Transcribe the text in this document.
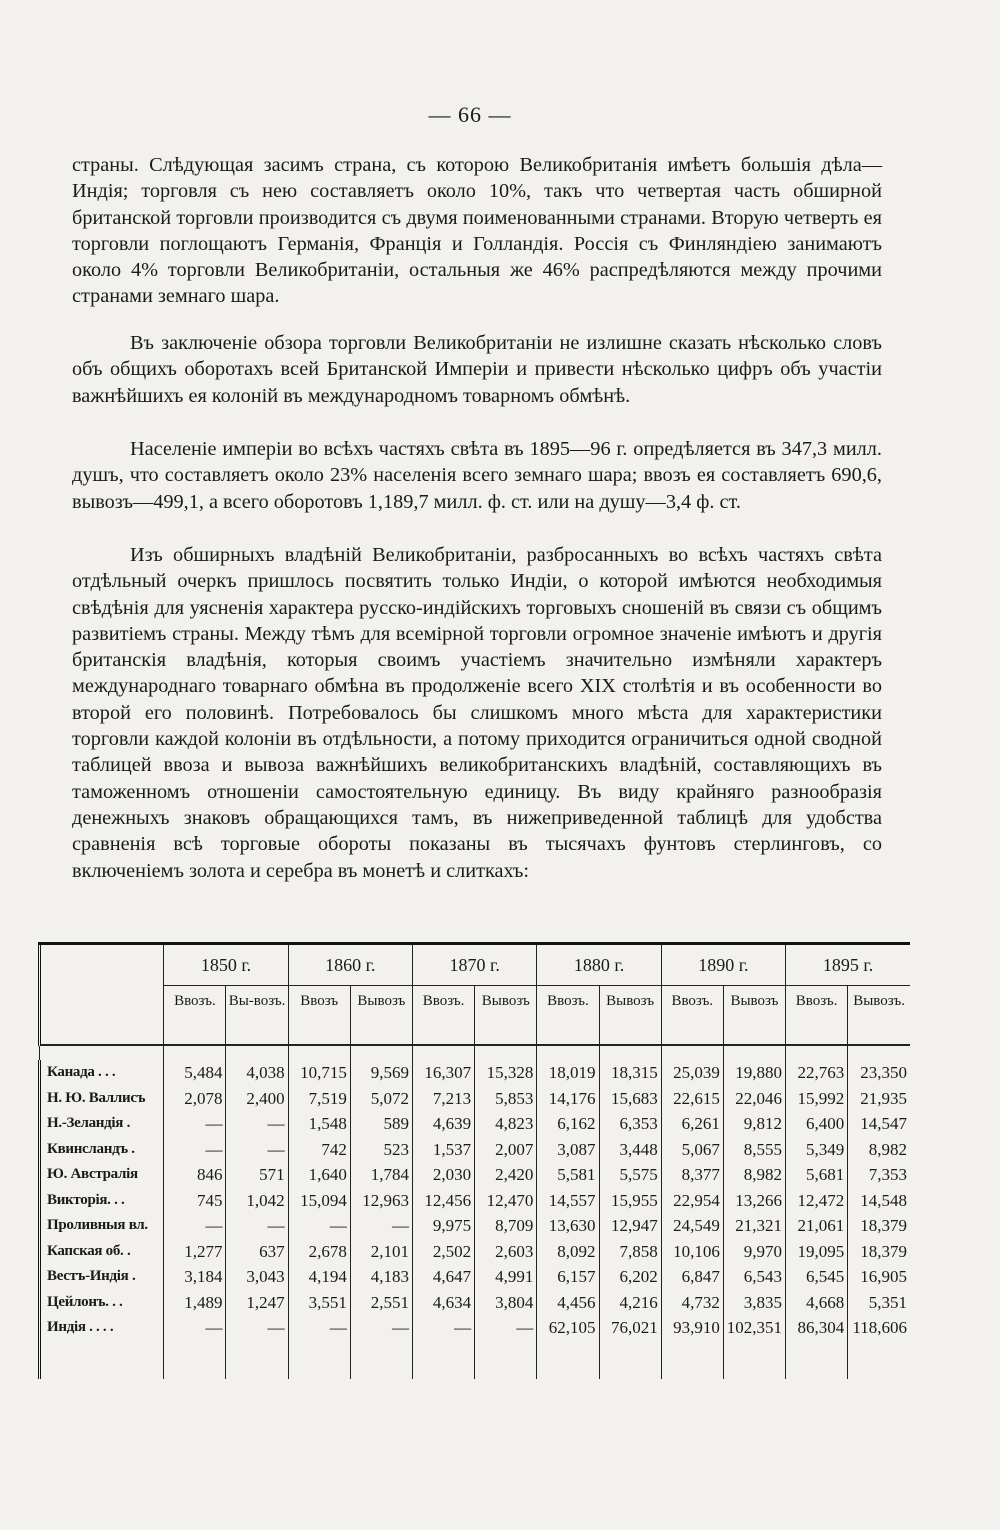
— 66 —

страны. Слѣдующая засимъ страна, съ которою Великобританія имѣетъ большія дѣла—Индія; торговля съ нею составляетъ около 10%, такъ что четвертая часть обширной британской торговли производится съ двумя поименованными странами. Вторую четверть ея торговли поглощаютъ Германія, Франція и Голландія. Россія съ Финляндіею занимаютъ около 4% торговли Великобританіи, остальныя же 46% распредѣляются между прочими странами земнаго шара.

Въ заключеніе обзора торговли Великобританіи не излишне сказать нѣсколько словъ объ общихъ оборотахъ всей Британской Имперіи и привести нѣсколько цифръ объ участіи важнѣйшихъ ея колоній въ международномъ товарномъ обмѣнѣ.

Населеніе имперіи во всѣхъ частяхъ свѣта въ 1895—96 г. опредѣляется въ 347,3 милл. душъ, что составляетъ около 23% населенія всего земнаго шара; ввозъ ея составляетъ 690,6, вывозъ—499,1, а всего оборотовъ 1,189,7 милл. ф. ст. или на душу—3,4 ф. ст.

Изъ обширныхъ владѣній Великобританіи, разбросанныхъ во всѣхъ частяхъ свѣта отдѣльный очеркъ пришлось посвятить только Индіи, о которой имѣются необходимыя свѣдѣнія для уясненія характера русско-индійскихъ торговыхъ сношеній въ связи съ общимъ развитіемъ страны. Между тѣмъ для всемірной торговли огромное значеніе имѣютъ и другія британскія владѣнія, которыя своимъ участіемъ значительно измѣняли характеръ международнаго товарнаго обмѣна въ продолженіе всего XIX столѣтія и въ особенности во второй его половинѣ. Потребовалось бы слишкомъ много мѣста для характеристики торговли каждой колоніи въ отдѣльности, а потому приходится ограничиться одной сводной таблицей ввоза и вывоза важнѣйшихъ великобританскихъ владѣній, составляющихъ въ таможенномъ отношеніи самостоятельную единицу. Въ виду крайняго разнообразія денежныхъ знаковъ обращающихся тамъ, въ нижеприведенной таблицѣ для удобства сравненія всѣ торговые обороты показаны въ тысячахъ фунтовъ стерлинговъ, со включеніемъ золота и серебра въ монетѣ и слиткахъ:

	1850 г.		1860 г.		1870 г.		1880 г.		1890 г.		1895 г.	
	Ввозъ.	Вы-возъ.	Ввозъ	Вывозъ	Ввозъ.	Вывозъ	Ввозъ.	Вывозъ	Ввозъ.	Вывозъ	Ввозъ.	Вывозъ.

Канада . . .	5,484	4,038	10,715	9,569	16,307	15,328	18,019	18,315	25,039	19,880	22,763	23,350
Н. Ю. Валлисъ	2,078	2,400	7,519	5,072	7,213	5,853	14,176	15,683	22,615	22,046	15,992	21,935
Н.-Зеландія .	—	—	1,548	589	4,639	4,823	6,162	6,353	6,261	9,812	6,400	14,547
Квинсландъ .	—	—	742	523	1,537	2,007	3,087	3,448	5,067	8,555	5,349	8,982
Ю. Австралія	846	571	1,640	1,784	2,030	2,420	5,581	5,575	8,377	8,982	5,681	7,353
Викторія. . .	745	1,042	15,094	12,963	12,456	12,470	14,557	15,955	22,954	13,266	12,472	14,548
Проливныя вл.	—	—	—	—	9,975	8,709	13,630	12,947	24,549	21,321	21,061	18,379
Капская об. .	1,277	637	2,678	2,101	2,502	2,603	8,092	7,858	10,106	9,970	19,095	18,379
Вестъ-Индія .	3,184	3,043	4,194	4,183	4,647	4,991	6,157	6,202	6,847	6,543	6,545	16,905
Цейлонъ. . .	1,489	1,247	3,551	2,551	4,634	3,804	4,456	4,216	4,732	3,835	4,668	5,351
Индія . . . .	—	—	—	—	—	—	62,105	76,021	93,910	102,351	86,304	118,606
